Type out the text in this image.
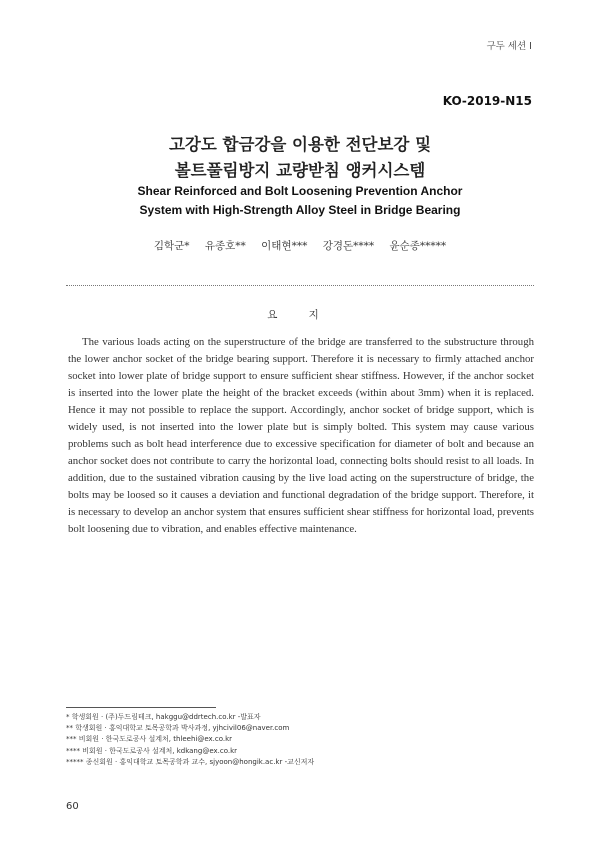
구두 세션 Ⅰ
KO-2019-N15
고강도 합금강을 이용한 전단보강 및
볼트풀림방지 교량받침 앵커시스템
Shear Reinforced and Bolt Loosening Prevention Anchor
System with High-Strength Alloy Steel in Bridge Bearing
김학군* 유종호** 이태현*** 강경돈**** 윤순종*****
요 지
The various loads acting on the superstructure of the bridge are transferred to the substructure through the lower anchor socket of the bridge bearing support. Therefore it is necessary to firmly attached anchor socket into lower plate of bridge support to ensure sufficient shear stiffness. However, if the anchor socket is inserted into the lower plate the height of the bracket exceeds (within about 3mm) when it is replaced. Hence it may not possible to replace the support. Accordingly, anchor socket of bridge support, which is widely used, is not inserted into the lower plate but is simply bolted. This system may cause various problems such as bolt head interference due to excessive specification for diameter of bolt and because an anchor socket does not contribute to carry the horizontal load, connecting bolts should resist to all loads. In addition, due to the sustained vibration causing by the live load acting on the superstructure of bridge, the bolts may be loosed so it causes a deviation and functional degradation of the bridge support. Therefore, it is necessary to develop an anchor system that ensures sufficient shear stiffness for horizontal load, prevents bolt loosening due to vibration, and enables effective maintenance.
* 학생회원 · (주)두드림테크, hakggu@ddrtech.co.kr -발표자
** 학생회원 · 홍익대학교 토목공학과 박사과정, yjhcivil06@naver.com
*** 비회원 · 한국도로공사 설계처, thleehi@ex.co.kr
**** 비회원 · 한국도로공사 설계처, kdkang@ex.co.kr
***** 종신회원 · 홍익대학교 토목공학과 교수, sjyoon@hongik.ac.kr -교신저자
60
